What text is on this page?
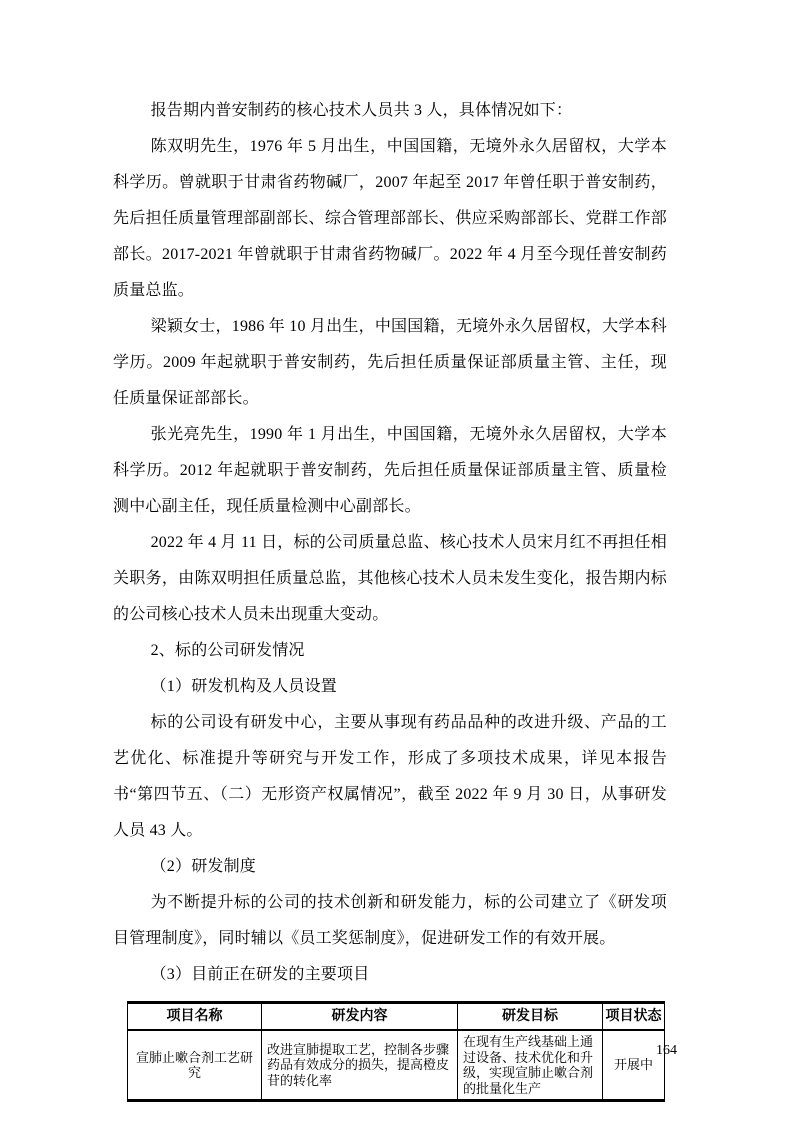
报告期内普安制药的核心技术人员共 3 人，具体情况如下：

陈双明先生，1976 年 5 月出生，中国国籍，无境外永久居留权，大学本科学历。曾就职于甘肃省药物碱厂，2007 年起至 2017 年曾任职于普安制药，先后担任质量管理部副部长、综合管理部部长、供应采购部部长、党群工作部部长。2017-2021 年曾就职于甘肃省药物碱厂。2022 年 4 月至今现任普安制药质量总监。

梁颖女士，1986 年 10 月出生，中国国籍，无境外永久居留权，大学本科学历。2009 年起就职于普安制药，先后担任质量保证部质量主管、主任，现任质量保证部部长。

张光亮先生，1990 年 1 月出生，中国国籍，无境外永久居留权，大学本科学历。2012 年起就职于普安制药，先后担任质量保证部质量主管、质量检测中心副主任，现任质量检测中心副部长。

2022 年 4 月 11 日，标的公司质量总监、核心技术人员宋月红不再担任相关职务，由陈双明担任质量总监，其他核心技术人员未发生变化，报告期内标的公司核心技术人员未出现重大变动。

2、标的公司研发情况

（1）研发机构及人员设置

标的公司设有研发中心，主要从事现有药品品种的改进升级、产品的工艺优化、标准提升等研究与开发工作，形成了多项技术成果，详见本报告书“第四节五、（二）无形资产权属情况”，截至 2022 年 9 月 30 日，从事研发人员 43 人。

（2）研发制度

为不断提升标的公司的技术创新和研发能力，标的公司建立了《研发项目管理制度》，同时辅以《员工奖惩制度》，促进研发工作的有效开展。

（3）目前正在研发的主要项目

项目名称	研发内容	研发目标	项目状态
宣肺止嗽合剂工艺研究	改进宣肺提取工艺，控制各步骤药品有效成分的损失，提高橙皮苷的转化率	在现有生产线基础上通过设备、技术优化和升级，实现宣肺止嗽合剂的批量化生产	开展中
164
